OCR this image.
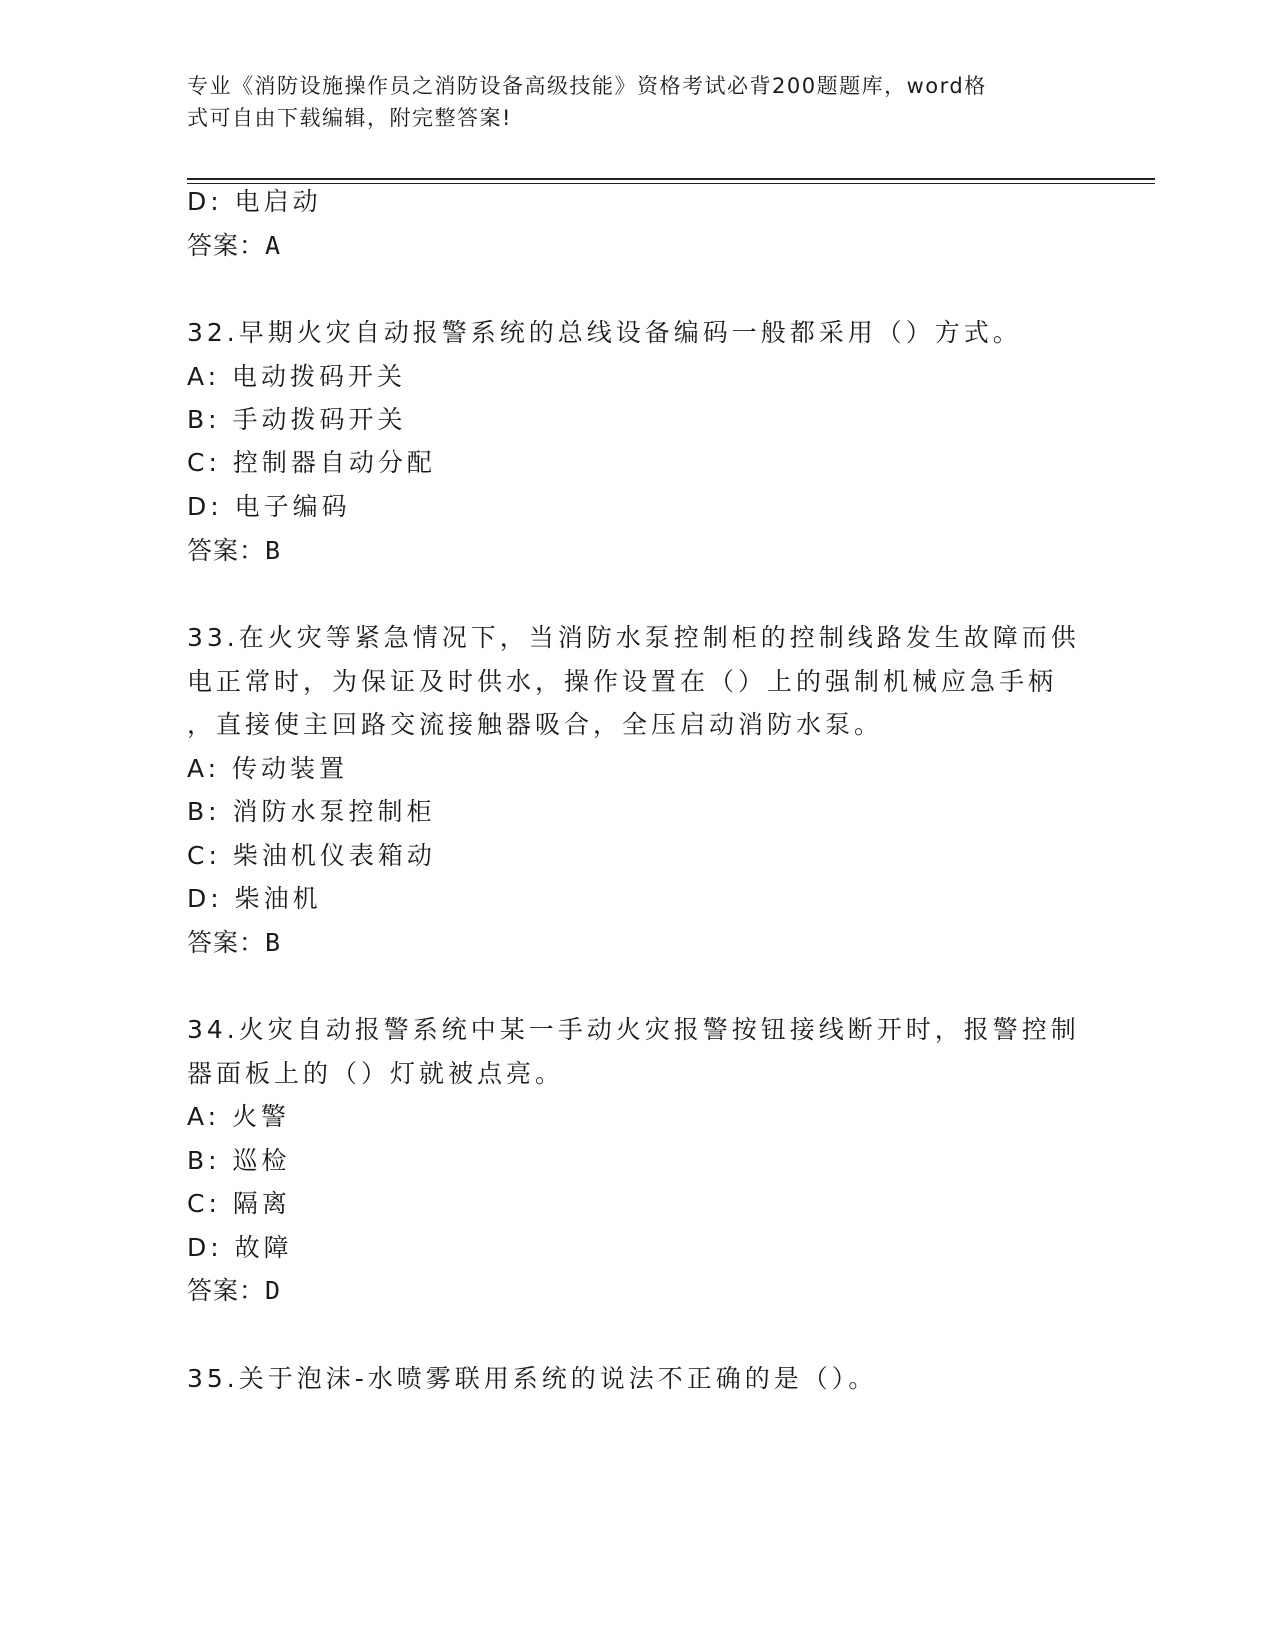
专业《消防设施操作员之消防设备高级技能》资格考试必背200题题库，word格
式可自由下载编辑，附完整答案!
D: 电启动
答案：A
32.早期火灾自动报警系统的总线设备编码一般都采用（）方式。
A: 电动拨码开关
B: 手动拨码开关
C: 控制器自动分配
D: 电子编码
答案：B
33.在火灾等紧急情况下，当消防水泵控制柜的控制线路发生故障而供
电正常时，为保证及时供水，操作设置在（）上的强制机械应急手柄
，直接使主回路交流接触器吸合，全压启动消防水泵。
A: 传动装置
B: 消防水泵控制柜
C: 柴油机仪表箱动
D: 柴油机
答案：B
34.火灾自动报警系统中某一手动火灾报警按钮接线断开时，报警控制
器面板上的（）灯就被点亮。
A: 火警
B: 巡检
C: 隔离
D: 故障
答案：D
35.关于泡沫-水喷雾联用系统的说法不正确的是（）。
